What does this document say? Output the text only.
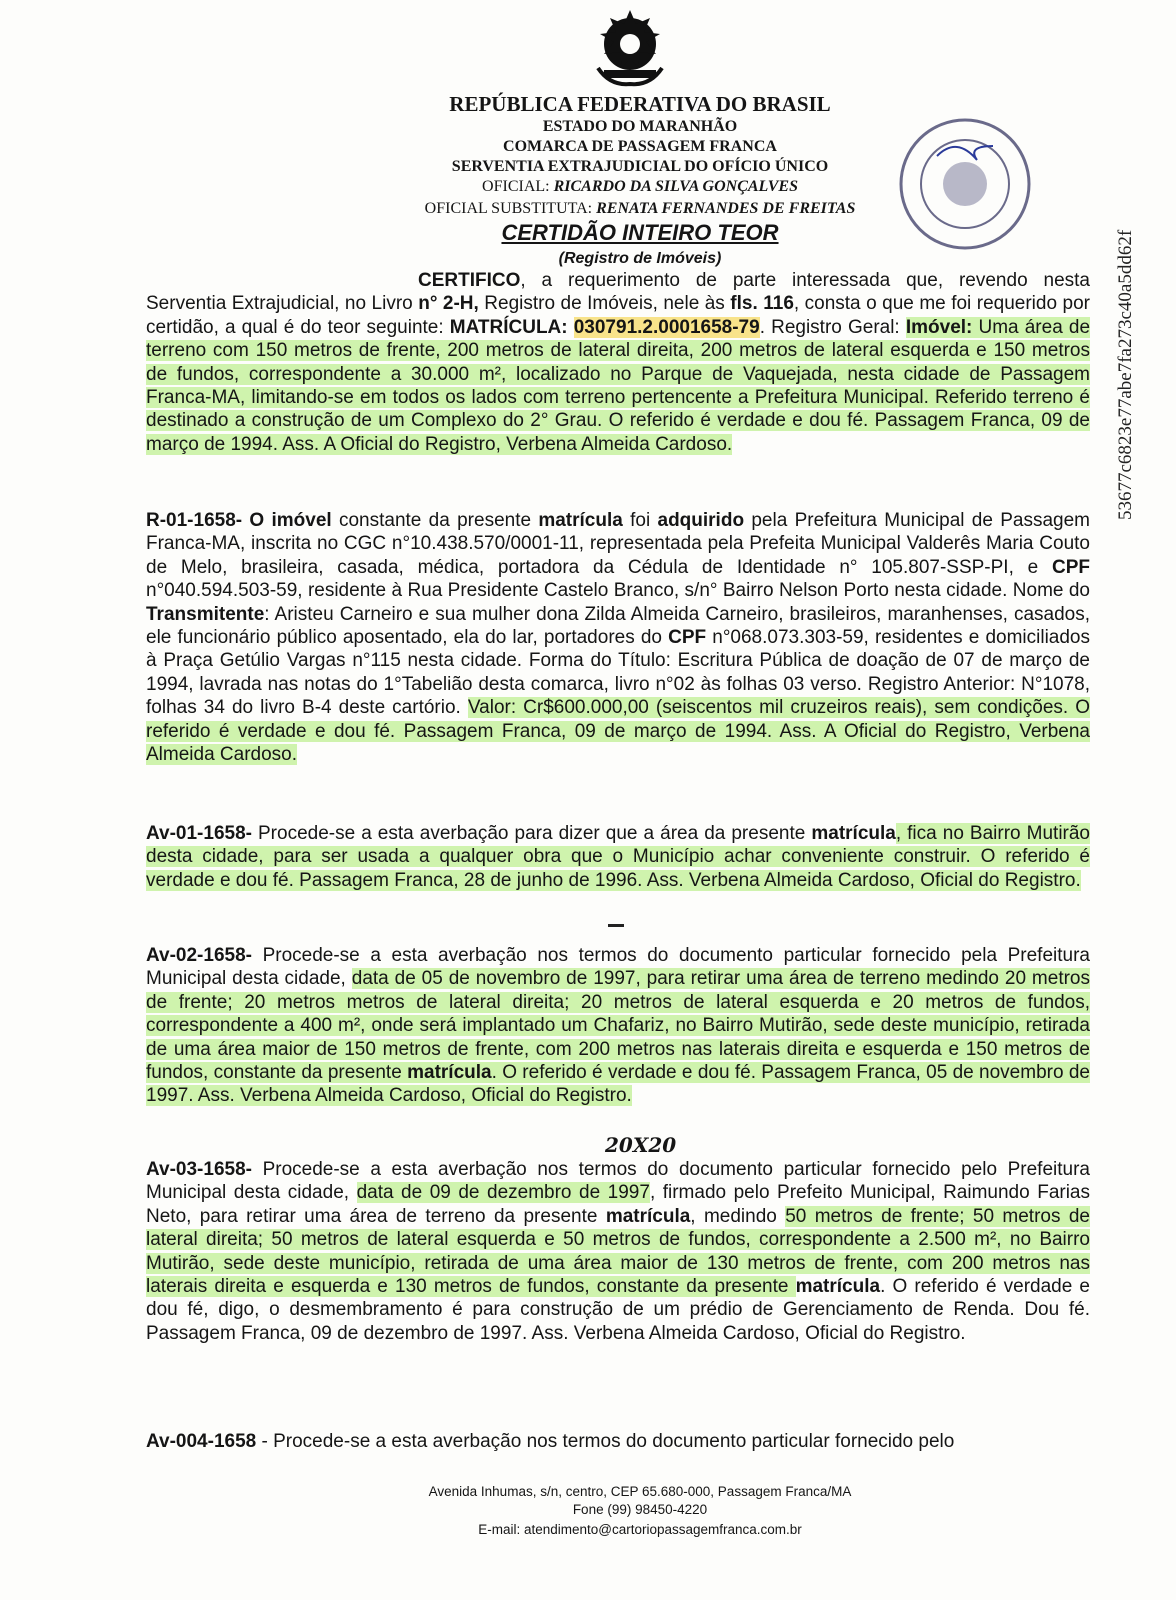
REPÚBLICA FEDERATIVA DO BRASIL
ESTADO DO MARANHÃO
COMARCA DE PASSAGEM FRANCA
SERVENTIA EXTRAJUDICIAL DO OFÍCIO ÚNICO
OFICIAL: RICARDO DA SILVA GONÇALVES
OFICIAL SUBSTITUTA: RENATA FERNANDES DE FREITAS
CERTIDÃO INTEIRO TEOR
(Registro de Imóveis)	53677c6823e77abe7fa273c40a5dd62f
CERTIFICO, a requerimento de parte interessada que, revendo nesta Serventia Extrajudicial, no Livro n° 2-H, Registro de Imóveis, nele às fls. 116, consta o que me foi requerido por certidão, a qual é do teor seguinte: MATRÍCULA: 030791.2.0001658-79. Registro Geral: Imóvel: Uma área de terreno com 150 metros de frente, 200 metros de lateral direita, 200 metros de lateral esquerda e 150 metros de fundos, correspondente a 30.000 m², localizado no Parque de Vaquejada, nesta cidade de Passagem Franca-MA, limitando-se em todos os lados com terreno pertencente a Prefeitura Municipal. Referido terreno é destinado a construção de um Complexo do 2° Grau. O referido é verdade e dou fé. Passagem Franca, 09 de março de 1994. Ass. A Oficial do Registro, Verbena Almeida Cardoso.
R-01-1658- O imóvel constante da presente matrícula foi adquirido pela Prefeitura Municipal de Passagem Franca-MA, inscrita no CGC n°10.438.570/0001-11, representada pela Prefeita Municipal Valderês Maria Couto de Melo, brasileira, casada, médica, portadora da Cédula de Identidade n° 105.807-SSP-PI, e CPF n°040.594.503-59, residente à Rua Presidente Castelo Branco, s/n° Bairro Nelson Porto nesta cidade. Nome do Transmitente: Aristeu Carneiro e sua mulher dona Zilda Almeida Carneiro, brasileiros, maranhenses, casados, ele funcionário público aposentado, ela do lar, portadores do CPF n°068.073.303-59, residentes e domiciliados à Praça Getúlio Vargas n°115 nesta cidade. Forma do Título: Escritura Pública de doação de 07 de março de 1994, lavrada nas notas do 1°Tabelião desta comarca, livro n°02 às folhas 03 verso. Registro Anterior: N°1078, folhas 34 do livro B-4 deste cartório. Valor: Cr$600.000,00 (seiscentos mil cruzeiros reais), sem condições. O referido é verdade e dou fé. Passagem Franca, 09 de março de 1994. Ass. A Oficial do Registro, Verbena Almeida Cardoso.
Av-01-1658- Procede-se a esta averbação para dizer que a área da presente matrícula, fica no Bairro Mutirão desta cidade, para ser usada a qualquer obra que o Município achar conveniente construir. O referido é verdade e dou fé. Passagem Franca, 28 de junho de 1996. Ass. Verbena Almeida Cardoso, Oficial do Registro.
Av-02-1658- Procede-se a esta averbação nos termos do documento particular fornecido pela Prefeitura Municipal desta cidade, data de 05 de novembro de 1997, para retirar uma área de terreno medindo 20 metros de frente; 20 metros metros de lateral direita; 20 metros de lateral esquerda e 20 metros de fundos, correspondente a 400 m², onde será implantado um Chafariz, no Bairro Mutirão, sede deste município, retirada de uma área maior de 150 metros de frente, com 200 metros nas laterais direita e esquerda e 150 metros de fundos, constante da presente matrícula. O referido é verdade e dou fé. Passagem Franca, 05 de novembro de 1997. Ass. Verbena Almeida Cardoso, Oficial do Registro.
20X20
Av-03-1658- Procede-se a esta averbação nos termos do documento particular fornecido pelo Prefeitura Municipal desta cidade, data de 09 de dezembro de 1997, firmado pelo Prefeito Municipal, Raimundo Farias Neto, para retirar uma área de terreno da presente matrícula, medindo 50 metros de frente; 50 metros de lateral direita; 50 metros de lateral esquerda e 50 metros de fundos, correspondente a 2.500 m², no Bairro Mutirão, sede deste município, retirada de uma área maior de 130 metros de frente, com 200 metros nas laterais direita e esquerda e 130 metros de fundos, constante da presente matrícula. O referido é verdade e dou fé, digo, o desmembramento é para construção de um prédio de Gerenciamento de Renda. Dou fé. Passagem Franca, 09 de dezembro de 1997. Ass. Verbena Almeida Cardoso, Oficial do Registro.
Av-004-1658 - Procede-se a esta averbação nos termos do documento particular fornecido pelo
Avenida Inhumas, s/n, centro, CEP 65.680-000, Passagem Franca/MA
Fone (99) 98450-4220
E-mail: atendimento@cartoriopassagemfranca.com.br
